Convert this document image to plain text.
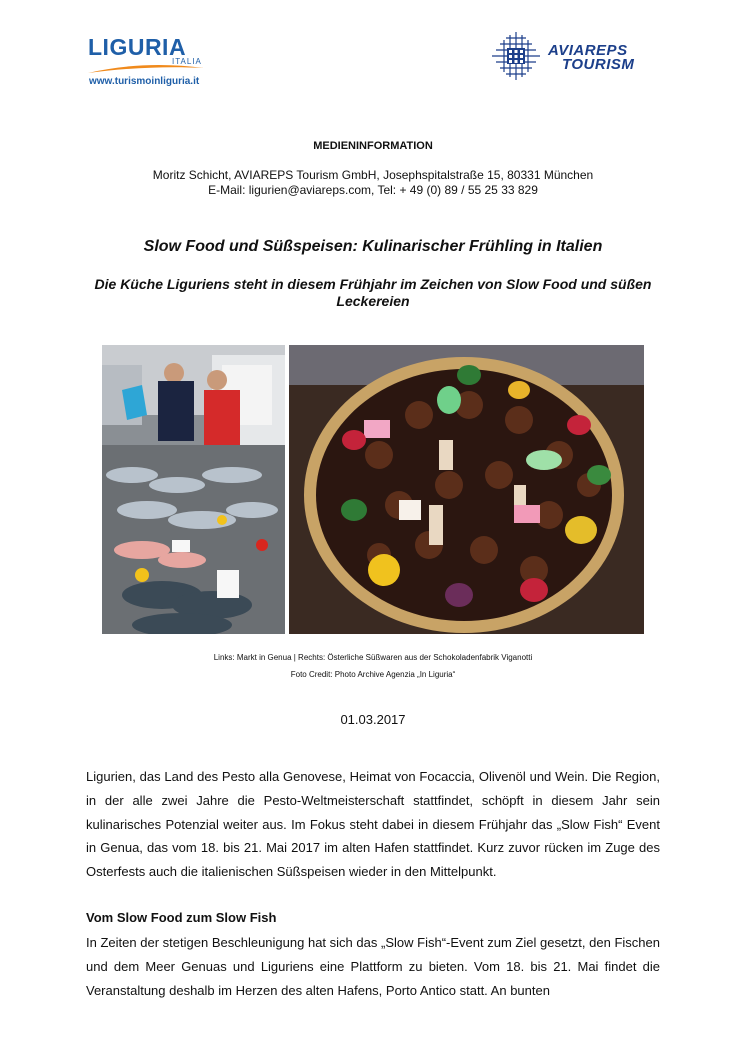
LIGURIA
ITALIA
www.turismoinliguria.it
AVIAREPS
TOURISM
MEDIENINFORMATION
Moritz Schicht, AVIAREPS Tourism GmbH, Josephspitalstraße 15, 80331 München
E-Mail: ligurien@aviareps.com, Tel: + 49 (0) 89 / 55 25 33 829
Slow Food und Süßspeisen: Kulinarischer Frühling in Italien
Die Küche Liguriens steht in diesem Frühjahr im Zeichen von Slow Food und süßen Leckereien
Links: Markt in Genua | Rechts: Österliche Süßwaren aus der Schokoladenfabrik Viganotti
Foto Credit: Photo Archive Agenzia „In Liguria“
01.03.2017
Ligurien, das Land des Pesto alla Genovese, Heimat von Focaccia, Olivenöl und Wein. Die Region, in der alle zwei Jahre die Pesto-Weltmeisterschaft stattfindet, schöpft in diesem Jahr sein kulinarisches Potenzial weiter aus. Im Fokus steht dabei in diesem Frühjahr das „Slow Fish“ Event in Genua, das vom 18. bis 21. Mai 2017 im alten Hafen stattfindet. Kurz zuvor rücken im Zuge des Osterfests auch die italienischen Süßspeisen wieder in den Mittelpunkt.
Vom Slow Food zum Slow Fish
In Zeiten der stetigen Beschleunigung hat sich das „Slow Fish“-Event zum Ziel gesetzt, den Fischen und dem Meer Genuas und Liguriens eine Plattform zu bieten. Vom 18. bis 21. Mai findet die Veranstaltung deshalb im Herzen des alten Hafens, Porto Antico statt. An bunten
